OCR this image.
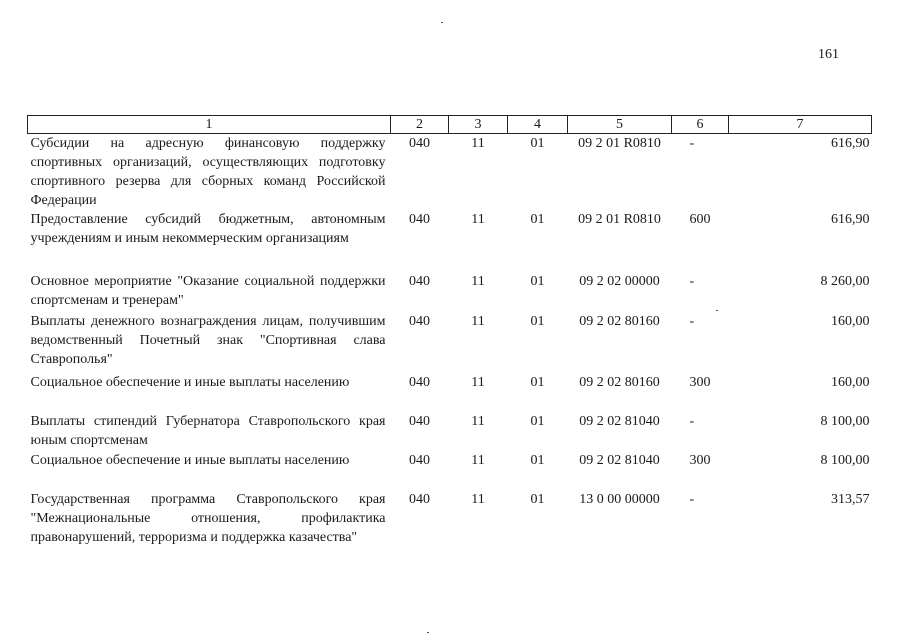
161
1	2	3	4	5	6	7
Субсидии на адресную финансовую поддержку спортивных организаций, осуществляющих подготовку спортивного резерва для сборных команд Российской Федерации	040	11	01	09 2 01 R0810	-	616,90
Предоставление субсидий бюджетным, автономным учреждениям и иным некоммерческим организациям	040	11	01	09 2 01 R0810	600	616,90
Основное мероприятие "Оказание социальной поддержки спортсменам и тренерам"	040	11	01	09 2 02 00000	-	8 260,00
Выплаты денежного вознаграждения лицам, получившим ведомственный Почетный знак "Спортивная слава Ставрополья"	040	11	01	09 2 02 80160	-	160,00
Социальное обеспечение и иные выплаты населению	040	11	01	09 2 02 80160	300	160,00
Выплаты стипендий Губернатора Ставропольского края юным спортсменам	040	11	01	09 2 02 81040	-	8 100,00
Социальное обеспечение и иные выплаты населению	040	11	01	09 2 02 81040	300	8 100,00
Государственная программа Ставропольского края "Межнациональные отношения, профилактика правонарушений, терроризма и поддержка казачества"	040	11	01	13 0 00 00000	-	313,57
